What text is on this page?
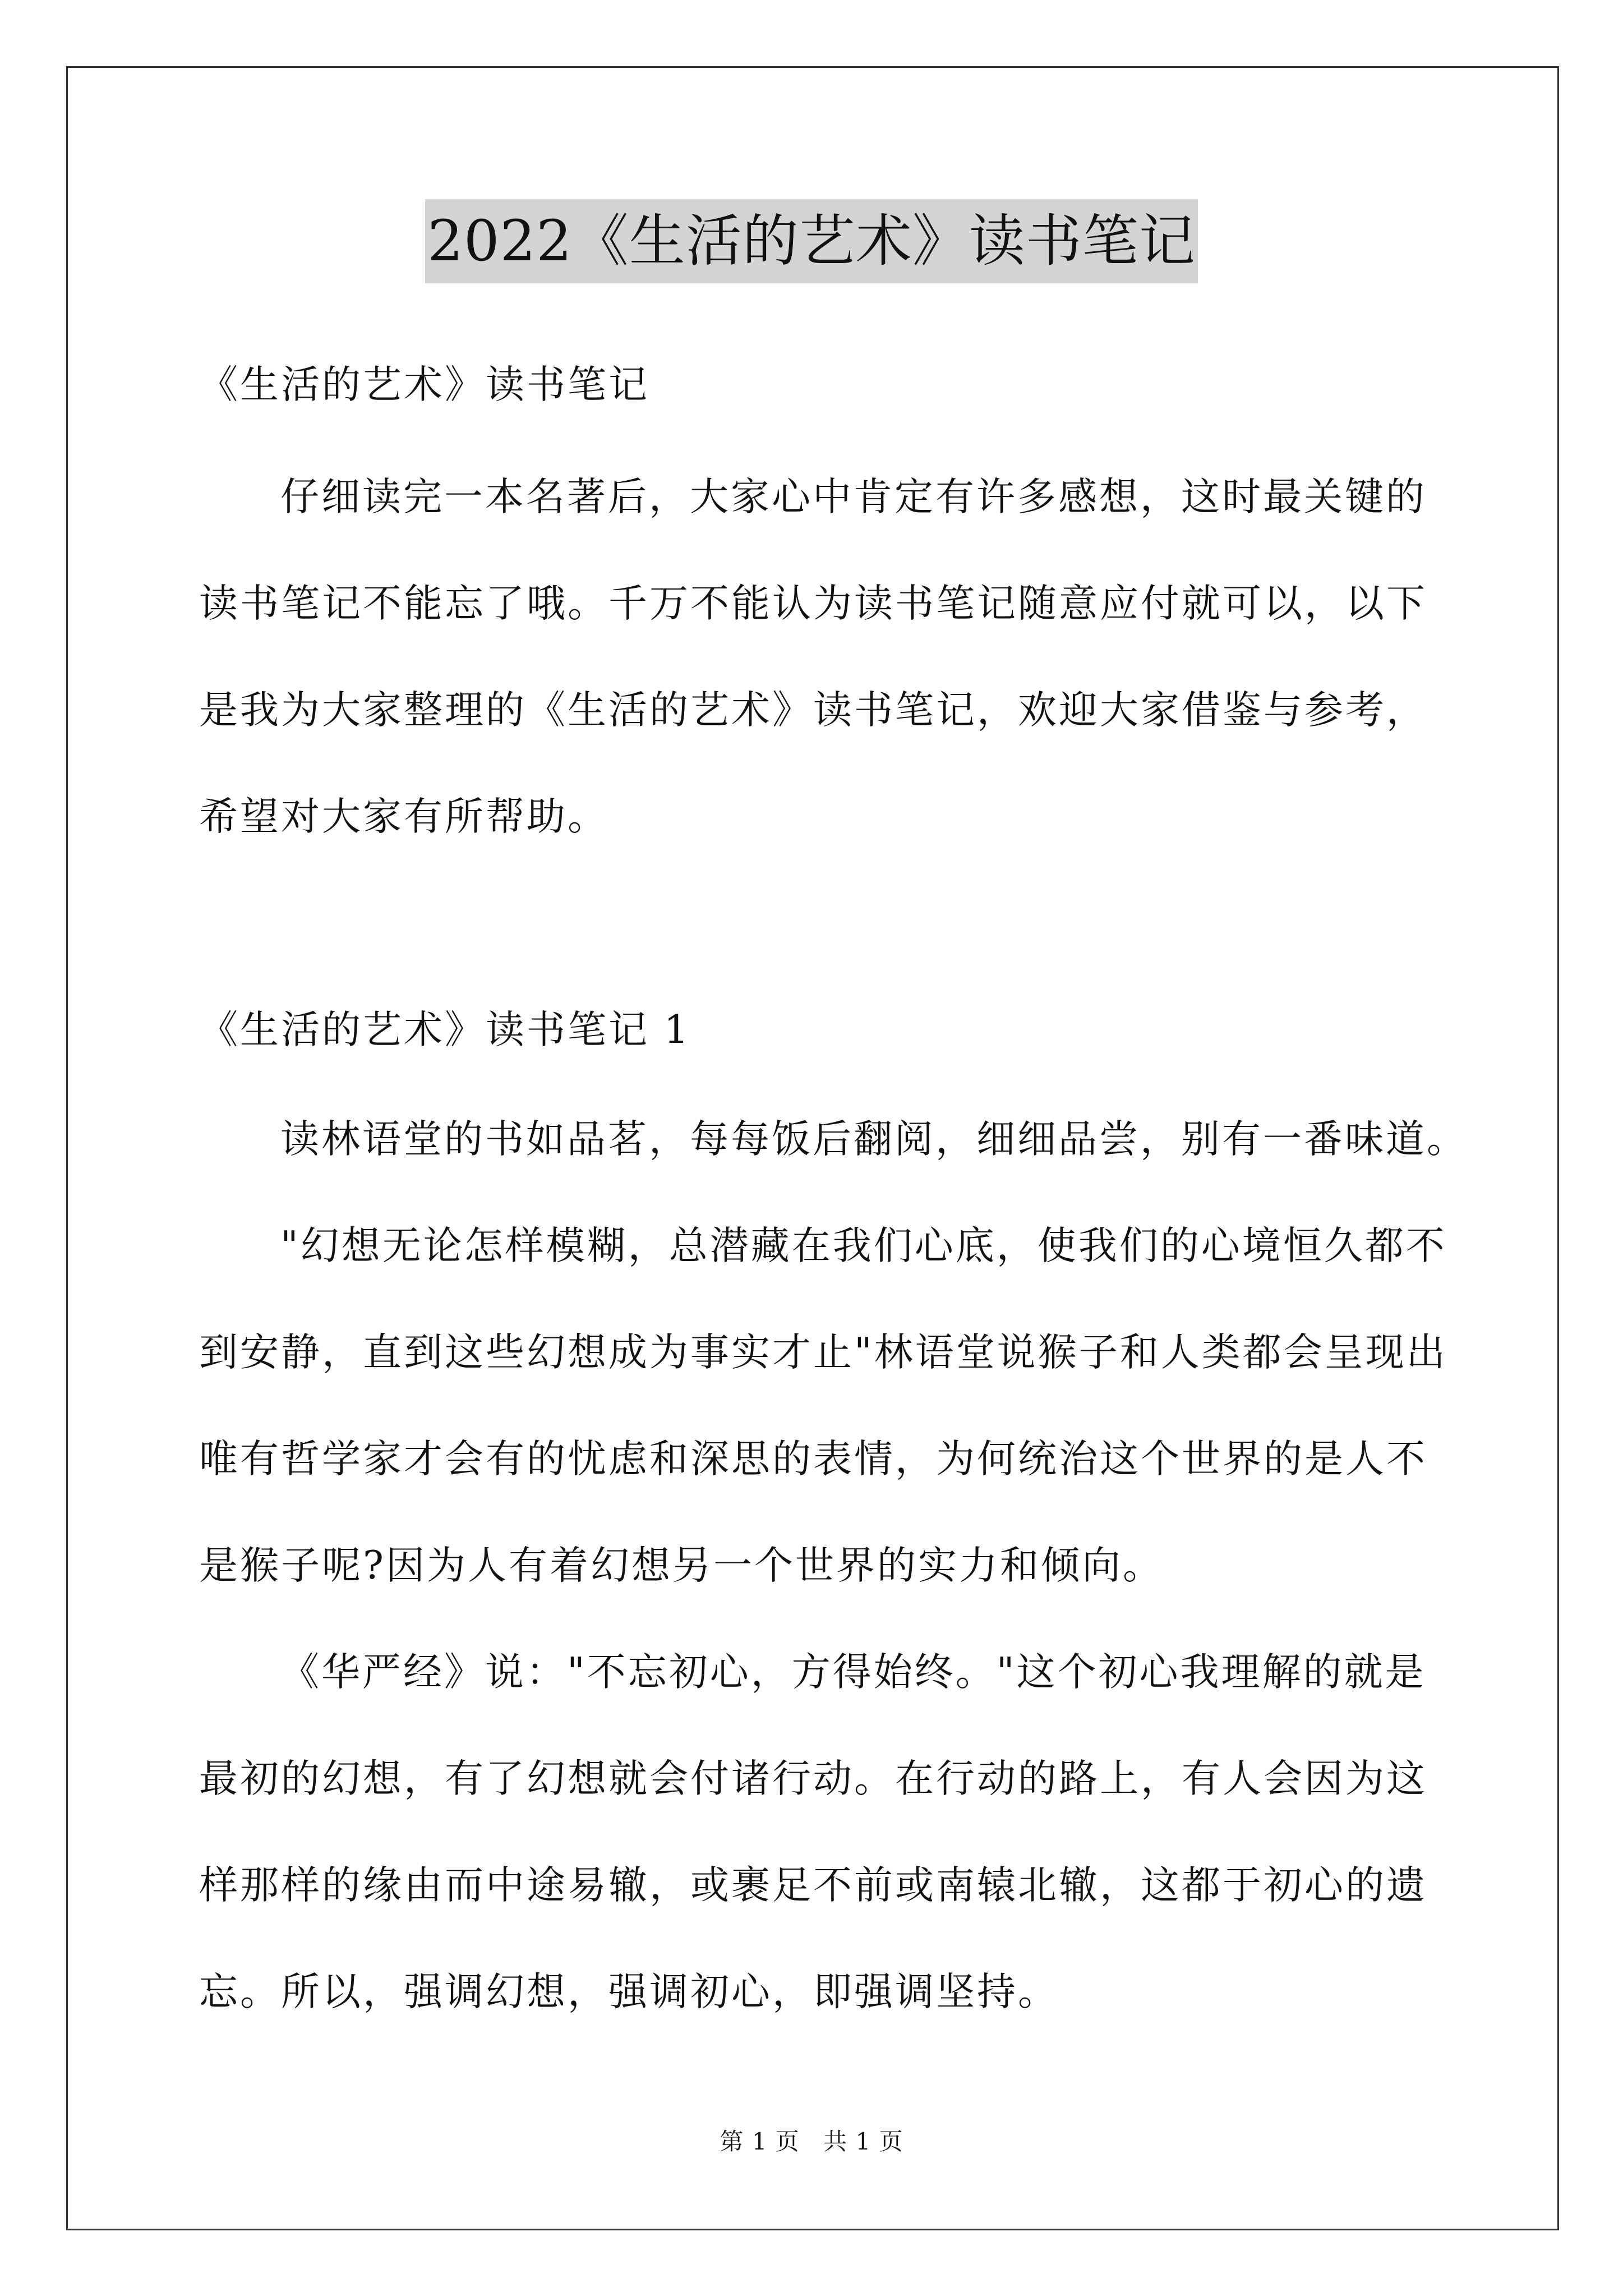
2022《生活的艺术》读书笔记
《生活的艺术》读书笔记
仔细读完一本名著后，大家心中肯定有许多感想，这时最关键的
读书笔记不能忘了哦。千万不能认为读书笔记随意应付就可以，以下
是我为大家整理的《生活的艺术》读书笔记，欢迎大家借鉴与参考，
希望对大家有所帮助。
《生活的艺术》读书笔记 1
读林语堂的书如品茗，每每饭后翻阅，细细品尝，别有一番味道。
"幻想无论怎样模糊，总潜藏在我们心底，使我们的心境恒久都不
到安静，直到这些幻想成为事实才止"林语堂说猴子和人类都会呈现出
唯有哲学家才会有的忧虑和深思的表情，为何统治这个世界的是人不
是猴子呢?因为人有着幻想另一个世界的实力和倾向。
《华严经》说："不忘初心，方得始终。"这个初心我理解的就是
最初的幻想，有了幻想就会付诸行动。在行动的路上，有人会因为这
样那样的缘由而中途易辙，或裹足不前或南辕北辙，这都于初心的遗
忘。所以，强调幻想，强调初心，即强调坚持。
第 1 页 共 1 页
